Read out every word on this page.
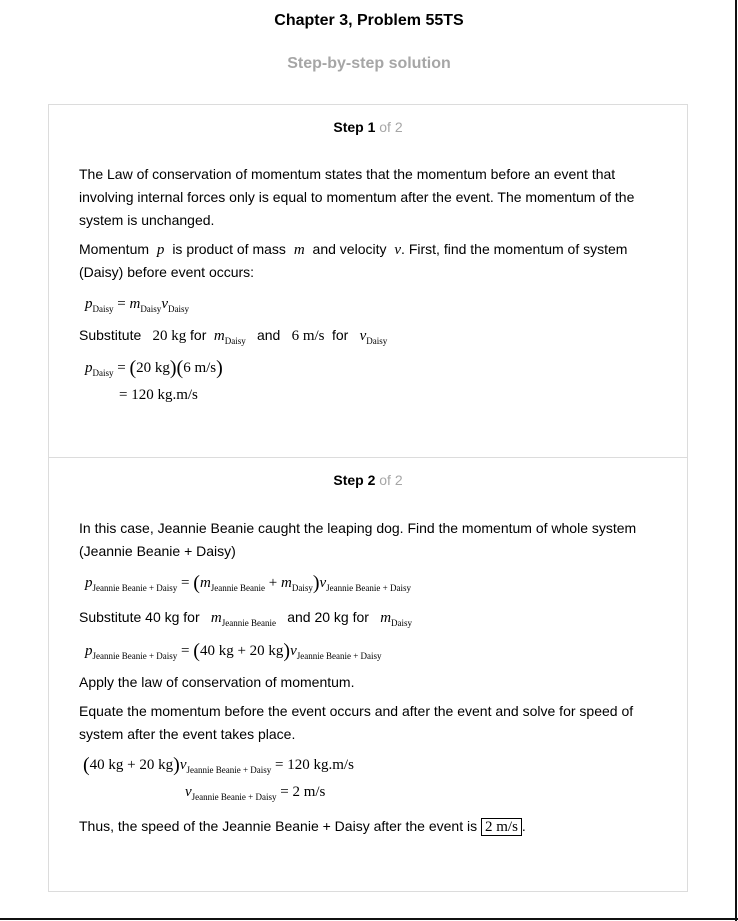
Chapter 3, Problem 55TS
Step-by-step solution
Step 1 of 2
The Law of conservation of momentum states that the momentum before an event that involving internal forces only is equal to momentum after the event. The momentum of the system is unchanged.
Momentum p is product of mass m and velocity v. First, find the momentum of system (Daisy) before event occurs:
$p_{Daisy} = m_{Daisy}v_{Daisy}$
Substitute 20 kg for $m_{Daisy}$ and 6 m/s for $v_{Daisy}$
$p_{Daisy} = (20$ kg)(6 m/s)
= 120 kg.m/s
Step 2 of 2
In this case, Jeannie Beanie caught the leaping dog. Find the momentum of whole system (Jeannie Beanie + Daisy)
$p_{Jeannie Beanie + Daisy} = (m_{Jeannie Beanie} + m_{Daisy})v_{Jeannie Beanie + Daisy}$
Substitute 40 kg for $m_{Jeannie Beanie}$ and 20 kg for $m_{Daisy}$
$p_{Jeannie Beanie + Daisy} = (40$ kg + 20 $kg)v_{Jeannie Beanie + Daisy}$
Apply the law of conservation of momentum.
Equate the momentum before the event occurs and after the event and solve for speed of system after the event takes place.
(40 kg + 20 $kg)v_{Jeannie Beanie + Daisy} = 120$ kg.m/s
$v_{Jeannie Beanie + Daisy} = 2$ m/s
Thus, the speed of the Jeannie Beanie + Daisy after the event is 2 m/s .
